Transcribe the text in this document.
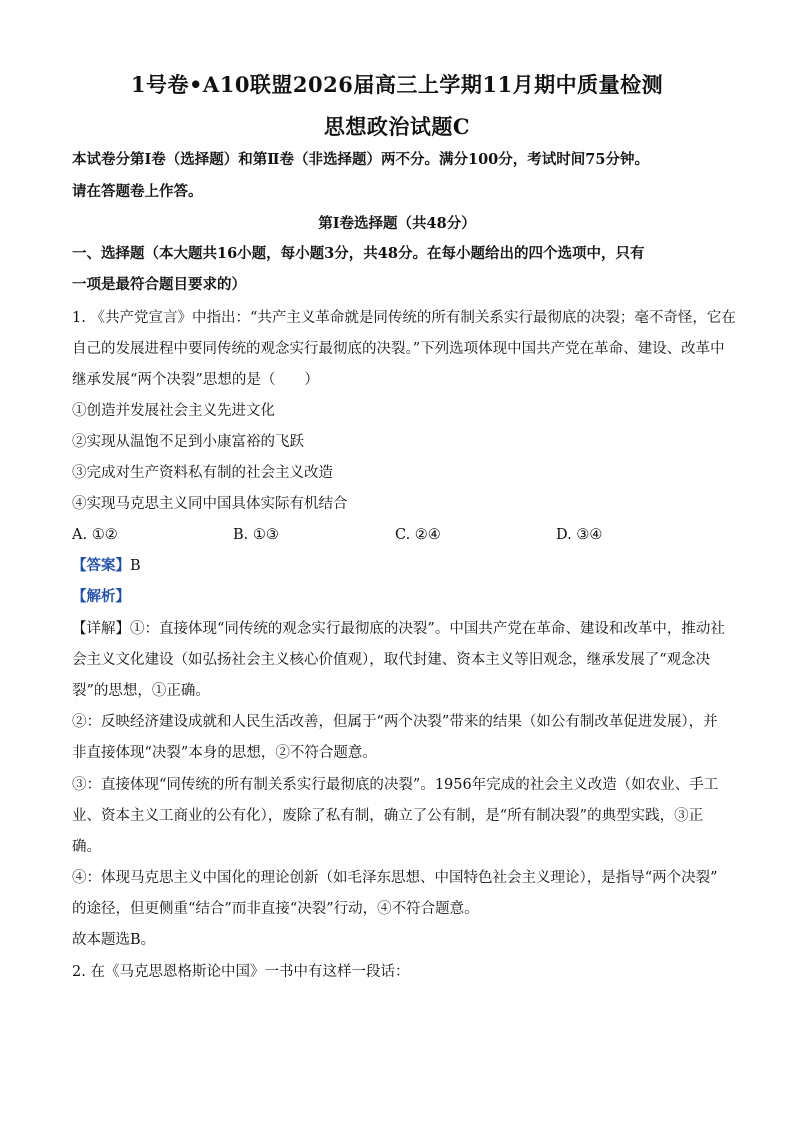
1号卷•A10联盟2026届高三上学期11月期中质量检测
思想政治试题C
本试卷分第Ⅰ卷（选择题）和第Ⅱ卷（非选择题）两不分。满分100分，考试时间75分钟。
请在答题卷上作答。
第Ⅰ卷选择题（共48分）
一、选择题（本大题共16小题，每小题3分，共48分。在每小题给出的四个选项中，只有
一项是最符合题目要求的）
1. 《共产党宣言》中指出：“共产主义革命就是同传统的所有制关系实行最彻底的决裂；毫不奇怪，它在
自己的发展进程中要同传统的观念实行最彻底的决裂。”下列选项体现中国共产党在革命、建设、改革中
继承发展“两个决裂”思想的是（　　）
①创造并发展社会主义先进文化
②实现从温饱不足到小康富裕的飞跃
③完成对生产资料私有制的社会主义改造
④实现马克思主义同中国具体实际有机结合
A. ①②	B. ①③	C. ②④	D. ③④
【答案】B
【解析】
【详解】①：直接体现“同传统的观念实行最彻底的决裂”。中国共产党在革命、建设和改革中，推动社
会主义文化建设（如弘扬社会主义核心价值观），取代封建、资本主义等旧观念，继承发展了“观念决
裂”的思想，①正确。
②：反映经济建设成就和人民生活改善，但属于“两个决裂”带来的结果（如公有制改革促进发展），并
非直接体现“决裂”本身的思想，②不符合题意。
③：直接体现“同传统的所有制关系实行最彻底的决裂”。1956年完成的社会主义改造（如农业、手工
业、资本主义工商业的公有化），废除了私有制，确立了公有制，是“所有制决裂”的典型实践，③正
确。
④：体现马克思主义中国化的理论创新（如毛泽东思想、中国特色社会主义理论），是指导“两个决裂”
的途径，但更侧重“结合”而非直接“决裂”行动，④不符合题意。
故本题选B。
2. 在《马克思恩格斯论中国》一书中有这样一段话：
